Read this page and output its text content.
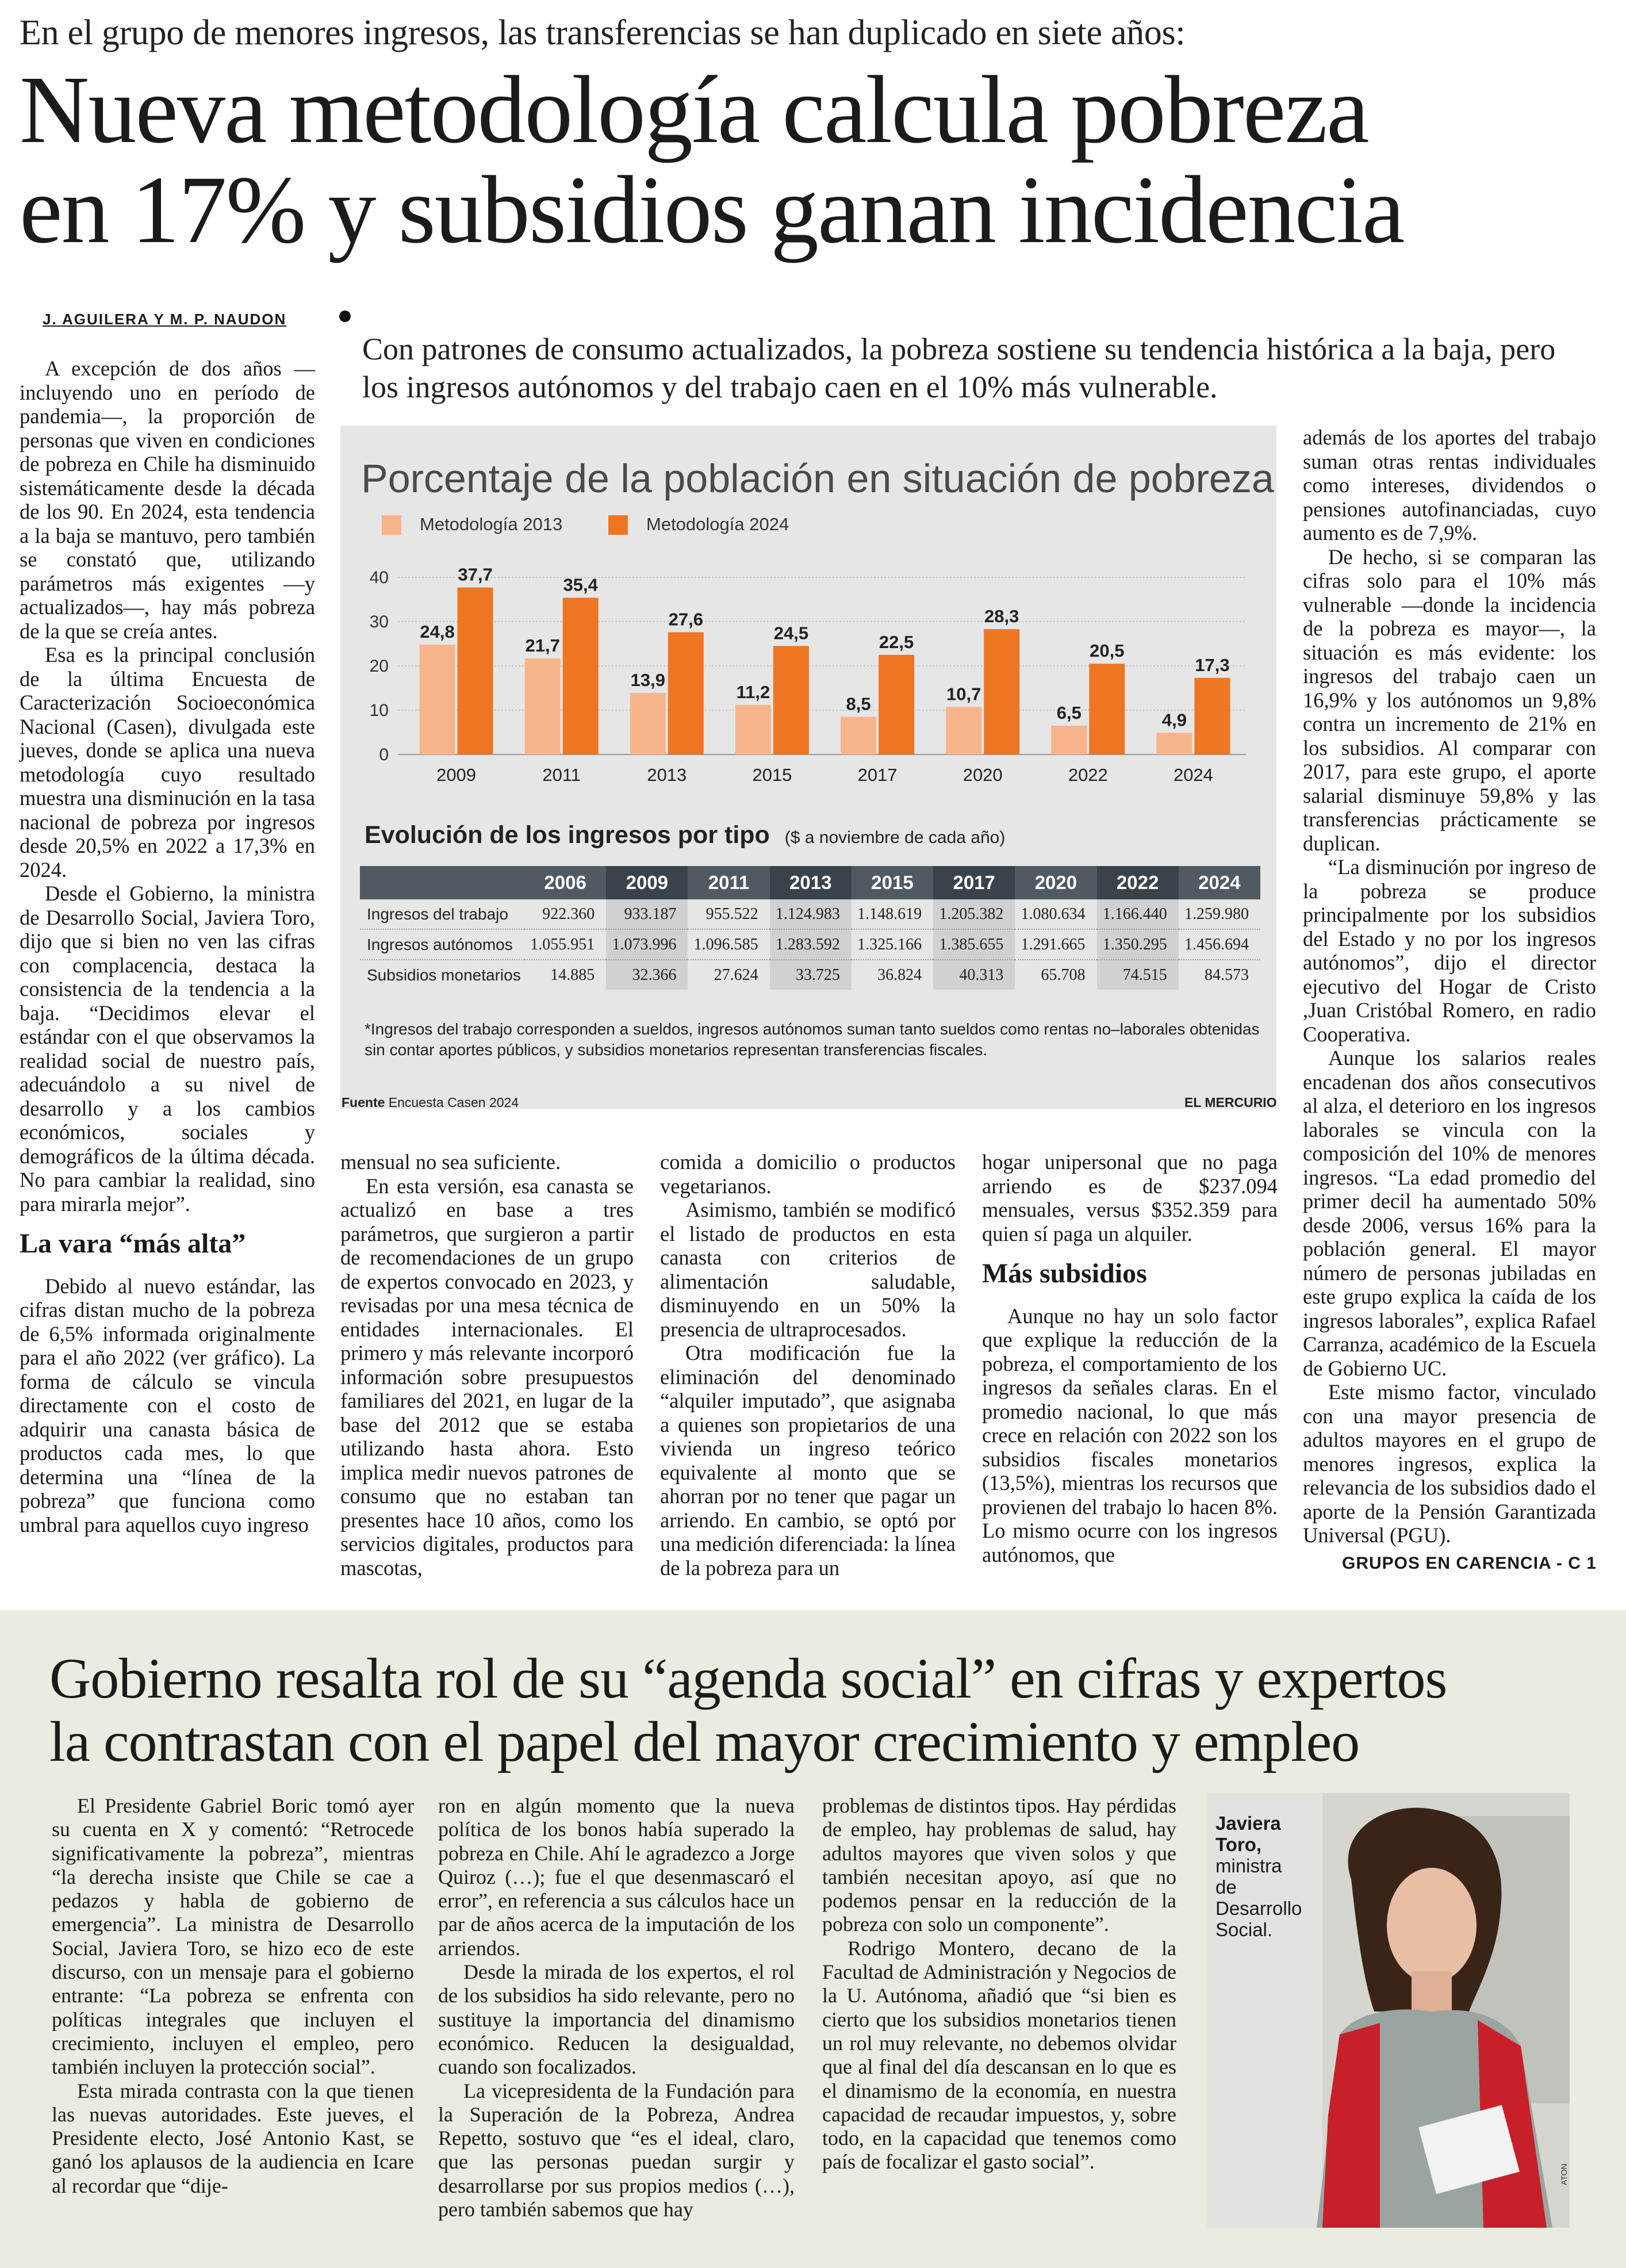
En el grupo de menores ingresos, las transferencias se han duplicado en siete años:
Nueva metodología calcula pobreza
en 17% y subsidios ganan incidencia
J. AGUILERA Y M. P. NAUDON
Con patrones de consumo actualizados, la pobreza sostiene su tendencia histórica a la baja, pero los ingresos autónomos y del trabajo caen en el 10% más vulnerable.

A excepción de dos años —incluyendo uno en período de pandemia—, la proporción de personas que viven en condiciones de pobreza en Chile ha disminuido sistemáticamente desde la década de los 90. En 2024, esta tendencia a la baja se mantuvo, pero también se constató que, utilizando parámetros más exigentes —y actualizados—, hay más pobreza de la que se creía antes.

Esa es la principal conclusión de la última Encuesta de Caracterización Socioeconómica Nacional (Casen), divulgada este jueves, donde se aplica una nueva metodología cuyo resultado muestra una disminución en la tasa nacional de pobreza por ingresos desde 20,5% en 2022 a 17,3% en 2024.

Desde el Gobierno, la ministra de Desarrollo Social, Javiera Toro, dijo que si bien no ven las cifras con complacencia, destaca la consistencia de la tendencia a la baja. “Decidimos elevar el estándar con el que observamos la realidad social de nuestro país, adecuándolo a su nivel de desarrollo y a los cambios económicos, sociales y demográficos de la última década. No para cambiar la realidad, sino para mirarla mejor”.

La vara “más alta”

Debido al nuevo estándar, las cifras distan mucho de la pobreza de 6,5% informada originalmente para el año 2022 (ver gráfico). La forma de cálculo se vincula directamente con el costo de adquirir una canasta básica de productos cada mes, lo que determina una “línea de la pobreza” que funciona como umbral para aquellos cuyo ingreso

Porcentaje de la población en situación de pobreza
Metodología 2013	Metodología 2024
0
10
20
30
40
24,8
37,7
2009
21,7
35,4
2011
13,9
27,6
2013
11,2
24,5
2015
8,5
22,5
2017
10,7
28,3
2020
6,5
20,5
2022
4,9
17,3
2024
Evolución de los ingresos por tipo ($ a noviembre de cada año)
	2006	2009	2011	2013	2015	2017	2020	2022	2024
Ingresos del trabajo	922.360	933.187	955.522	1.124.983	1.148.619	1.205.382	1.080.634	1.166.440	1.259.980
Ingresos autónomos	1.055.951	1.073.996	1.096.585	1.283.592	1.325.166	1.385.655	1.291.665	1.350.295	1.456.694
Subsidios monetarios	14.885	32.366	27.624	33.725	36.824	40.313	65.708	74.515	84.573
*Ingresos del trabajo corresponden a sueldos, ingresos autónomos suman tanto sueldos como rentas no–laborales obtenidas sin contar aportes públicos, y subsidios monetarios representan transferencias fiscales.
Fuente Encuesta Casen 2024	EL MERCURIO

mensual no sea suficiente.

En esta versión, esa canasta se actualizó en base a tres parámetros, que surgieron a partir de recomendaciones de un grupo de expertos convocado en 2023, y revisadas por una mesa técnica de entidades internacionales. El primero y más relevante incorporó información sobre presupuestos familiares del 2021, en lugar de la base del 2012 que se estaba utilizando hasta ahora. Esto implica medir nuevos patrones de consumo que no estaban tan presentes hace 10 años, como los servicios digitales, productos para mascotas,

comida a domicilio o productos vegetarianos.

Asimismo, también se modificó el listado de productos en esta canasta con criterios de alimentación saludable, disminuyendo en un 50% la presencia de ultraprocesados.

Otra modificación fue la eliminación del denominado “alquiler imputado”, que asignaba a quienes son propietarios de una vivienda un ingreso teórico equivalente al monto que se ahorran por no tener que pagar un arriendo. En cambio, se optó por una medición diferenciada: la línea de la pobreza para un

hogar unipersonal que no paga arriendo es de $237.094 mensuales, versus $352.359 para quien sí paga un alquiler.

Más subsidios

Aunque no hay un solo factor que explique la reducción de la pobreza, el comportamiento de los ingresos da señales claras. En el promedio nacional, lo que más crece en relación con 2022 son los subsidios fiscales monetarios (13,5%), mientras los recursos que provienen del trabajo lo hacen 8%. Lo mismo ocurre con los ingresos autónomos, que

además de los aportes del trabajo suman otras rentas individuales como intereses, dividendos o pensiones autofinanciadas, cuyo aumento es de 7,9%.

De hecho, si se comparan las cifras solo para el 10% más vulnerable —donde la incidencia de la pobreza es mayor—, la situación es más evidente: los ingresos del trabajo caen un 16,9% y los autónomos un 9,8% contra un incremento de 21% en los subsidios. Al comparar con 2017, para este grupo, el aporte salarial disminuye 59,8% y las transferencias prácticamente se duplican.

“La disminución por ingreso de la pobreza se produce principalmente por los subsidios del Estado y no por los ingresos autónomos”, dijo el director ejecutivo del Hogar de Cristo ,Juan Cristóbal Romero, en radio Cooperativa.

Aunque los salarios reales encadenan dos años consecutivos al alza, el deterioro en los ingresos laborales se vincula con la composición del 10% de menores ingresos. “La edad promedio del primer decil ha aumentado 50% desde 2006, versus 16% para la población general. El mayor número de personas jubiladas en este grupo explica la caída de los ingresos laborales”, explica Rafael Carranza, académico de la Escuela de Gobierno UC.

Este mismo factor, vinculado con una mayor presencia de adultos mayores en el grupo de menores ingresos, explica la relevancia de los subsidios dado el aporte de la Pensión Garantizada Universal (PGU).

GRUPOS EN CARENCIA - C 1
Gobierno resalta rol de su “agenda social” en cifras y expertos
la contrastan con el papel del mayor crecimiento y empleo

El Presidente Gabriel Boric tomó ayer su cuenta en X y comentó: “Retrocede significativamente la pobreza”, mientras “la derecha insiste que Chile se cae a pedazos y habla de gobierno de emergencia”. La ministra de Desarrollo Social, Javiera Toro, se hizo eco de este discurso, con un mensaje para el gobierno entrante: “La pobreza se enfrenta con políticas integrales que incluyen el crecimiento, incluyen el empleo, pero también incluyen la protección social”.

Esta mirada contrasta con la que tienen las nuevas autoridades. Este jueves, el Presidente electo, José Antonio Kast, se ganó los aplausos de la audiencia en Icare al recordar que “dije-

ron en algún momento que la nueva política de los bonos había superado la pobreza en Chile. Ahí le agradezco a Jorge Quiroz (…); fue el que desenmascaró el error”, en referencia a sus cálculos hace un par de años acerca de la imputación de los arriendos.

Desde la mirada de los expertos, el rol de los subsidios ha sido relevante, pero no sustituye la importancia del dinamismo económico. Reducen la desigualdad, cuando son focalizados.

La vicepresidenta de la Fundación para la Superación de la Pobreza, Andrea Repetto, sostuvo que “es el ideal, claro, que las personas puedan surgir y desarrollarse por sus propios medios (…), pero también sabemos que hay

problemas de distintos tipos. Hay pérdidas de empleo, hay problemas de salud, hay adultos mayores que viven solos y que también necesitan apoyo, así que no podemos pensar en la reducción de la pobreza con solo un componente”.

Rodrigo Montero, decano de la Facultad de Administración y Negocios de la U. Autónoma, añadió que “si bien es cierto que los subsidios monetarios tienen un rol muy relevante, no debemos olvidar que al final del día descansan en lo que es el dinamismo de la economía, en nuestra capacidad de recaudar impuestos, y, sobre todo, en la capacidad que tenemos como país de focalizar el gasto social”.

Javiera Toro,
ministra de Desarrollo Social.
ATON
